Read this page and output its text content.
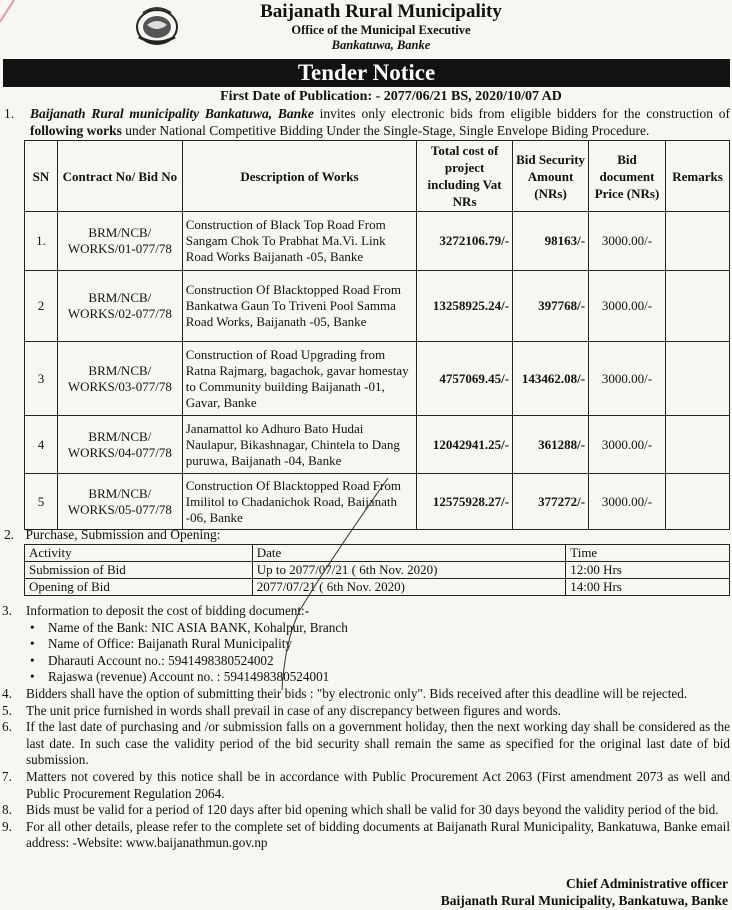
Baijanath Rural Municipality
Office of the Municipal Executive
Bankatuwa, Banke
Tender Notice
First Date of Publication: - 2077/06/21 BS, 2020/10/07 AD
1. Baijanath Rural municipality Bankatuwa, Banke invites only electronic bids from eligible bidders for the construction of following works under National Competitive Bidding Under the Single-Stage, Single Envelope Biding Procedure.
SN	Contract No/ Bid No	Description of Works	Total cost of project including Vat NRs	Bid Security Amount (NRs)	Bid document Price (NRs)	Remarks
1.	BRM/NCB/ WORKS/01-077/78	Construction of Black Top Road From Sangam Chok To Prabhat Ma.Vi. Link Road Works Baijanath -05, Banke	3272106.79/-	98163/-	3000.00/-	
2	BRM/NCB/ WORKS/02-077/78	Construction Of Blacktopped Road From Bankatwa Gaun To Triveni Pool Samma Road Works, Baijanath -05, Banke	13258925.24/-	397768/-	3000.00/-	
3	BRM/NCB/ WORKS/03-077/78	Construction of Road Upgrading from Ratna Rajmarg, bagachok, gavar homestay to Community building Baijanath -01, Gavar, Banke	4757069.45/-	143462.08/-	3000.00/-	
4	BRM/NCB/ WORKS/04-077/78	Janamattol ko Adhuro Bato Hudai Naulapur, Bikashnagar, Chintela to Dang puruwa, Baijanath -04, Banke	12042941.25/-	361288/-	3000.00/-	
5	BRM/NCB/ WORKS/05-077/78	Construction Of Blacktopped Road From Imilitol to Chadanichok Road, Baijanath -06, Banke	12575928.27/-	377272/-	3000.00/-	
2. Purchase, Submission and Opening:
Activity	Date	Time
Submission of Bid	Up to 2077/07/21 ( 6th Nov. 2020)	12:00 Hrs
Opening of Bid	2077/07/21 ( 6th Nov. 2020)	14:00 Hrs
3. Information to deposit the cost of bidding document:-
• Name of the Bank: NIC ASIA BANK, Kohalpur, Branch
• Name of Office: Baijanath Rural Municipality
• Dharauti Account no.: 5941498380524002
• Rajaswa (revenue) Account no. : 5941498380524001
4. Bidders shall have the option of submitting their bids : "by electronic only". Bids received after this deadline will be rejected.
5. The unit price furnished in words shall prevail in case of any discrepancy between figures and words.
6. If the last date of purchasing and /or submission falls on a government holiday, then the next working day shall be considered as the last date. In such case the validity period of the bid security shall remain the same as specified for the original last date of bid submission.
7. Matters not covered by this notice shall be in accordance with Public Procurement Act 2063 (First amendment 2073 as well and Public Procurement Regulation 2064.
8. Bids must be valid for a period of 120 days after bid opening which shall be valid for 30 days beyond the validity period of the bid.
9. For all other details, please refer to the complete set of bidding documents at Baijanath Rural Municipality, Bankatuwa, Banke email address: -Website: www.baijanathmun.gov.np
Chief Administrative officer
Baijanath Rural Municipality, Bankatuwa, Banke
